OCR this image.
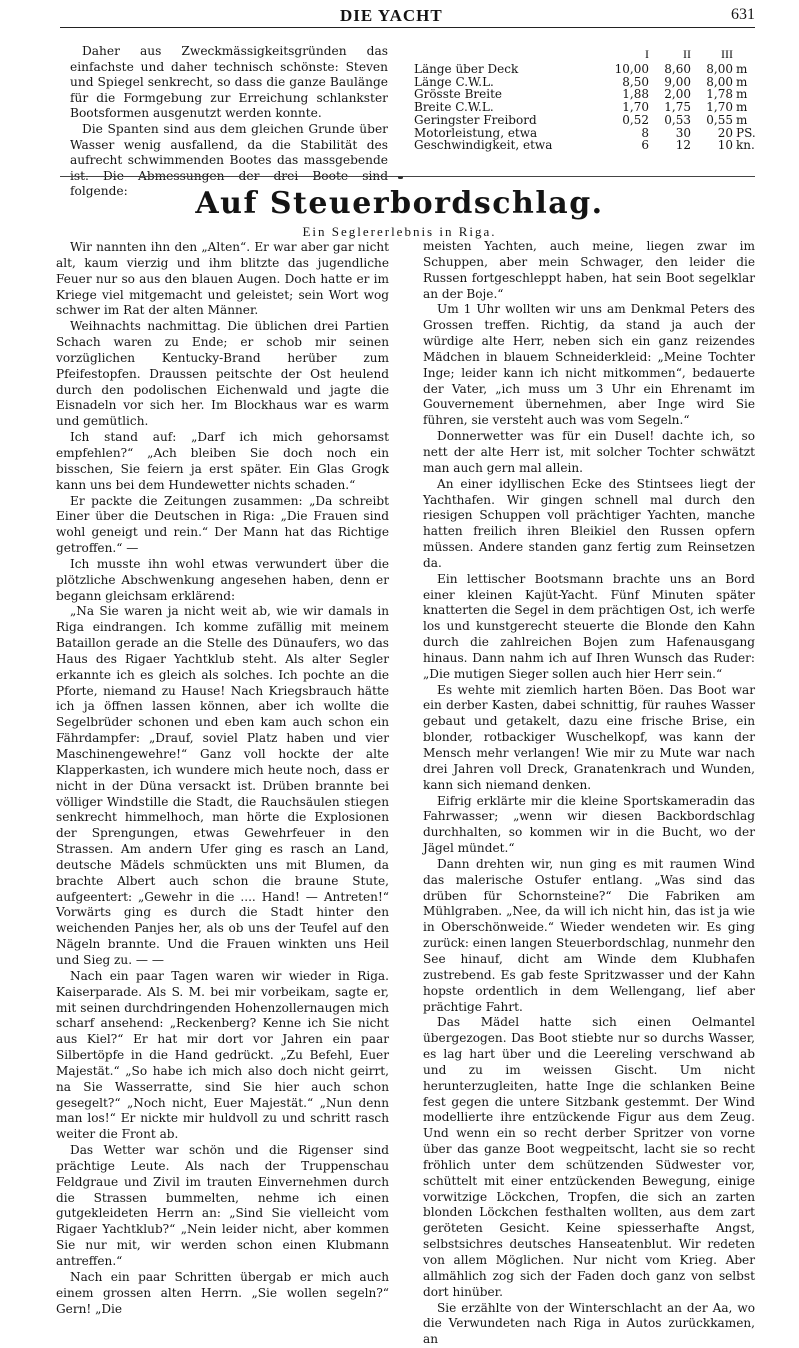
DIE YACHT	631

Daher aus Zweckmässigkeitsgründen das einfachste und daher technisch schönste: Steven und Spiegel senkrecht, so dass die ganze Baulänge für die Formgebung zur Erreichung schlankster Bootsformen ausgenutzt werden konnte.

Die Spanten sind aus dem gleichen Grunde über Wasser wenig ausfallend, da die Stabilität des aufrecht schwimmenden Bootes das massgebende ist. Die Abmessungen der drei Boote sind folgende:

	I	II	III	
Länge über Deck	10,00	8,60	8,00	m
Länge C.W.L.	8,50	9,00	8,00	m
Grösste Breite	1,88	2,00	1,78	m
Breite C.W.L.	1,70	1,75	1,70	m
Geringster Freibord	0,52	0,53	0,55	m
Motorleistung, etwa	8	30	20	PS.
Geschwindigkeit, etwa	6	12	10	kn.
Auf Steuerbordschlag.
Ein Seglererlebnis in Riga.

Wir nannten ihn den „Alten“. Er war aber gar nicht alt, kaum vierzig und ihm blitzte das jugendliche Feuer nur so aus den blauen Augen. Doch hatte er im Kriege viel mitgemacht und geleistet; sein Wort wog schwer im Rat der alten Männer.

Weihnachts nachmittag. Die üblichen drei Partien Schach waren zu Ende; er schob mir seinen vorzüglichen Kentucky-Brand herüber zum Pfeifestopfen. Draussen peitschte der Ost heulend durch den podolischen Eichenwald und jagte die Eisnadeln vor sich her. Im Blockhaus war es warm und gemütlich.

Ich stand auf: „Darf ich mich gehorsamst empfehlen?“ „Ach bleiben Sie doch noch ein bisschen, Sie feiern ja erst später. Ein Glas Grogk kann uns bei dem Hundewetter nichts schaden.“

Er packte die Zeitungen zusammen: „Da schreibt Einer über die Deutschen in Riga: „Die Frauen sind wohl geneigt und rein.“ Der Mann hat das Richtige getroffen.“ —

Ich musste ihn wohl etwas verwundert über die plötzliche Abschwenkung angesehen haben, denn er begann gleichsam erklärend:

„Na Sie waren ja nicht weit ab, wie wir damals in Riga eindrangen. Ich komme zufällig mit meinem Bataillon gerade an die Stelle des Dünaufers, wo das Haus des Rigaer Yachtklub steht. Als alter Segler erkannte ich es gleich als solches. Ich pochte an die Pforte, niemand zu Hause! Nach Kriegsbrauch hätte ich ja öffnen lassen können, aber ich wollte die Segelbrüder schonen und eben kam auch schon ein Fährdampfer: „Drauf, soviel Platz haben und vier Maschinengewehre!“ Ganz voll hockte der alte Klapperkasten, ich wundere mich heute noch, dass er nicht in der Düna versackt ist. Drüben brannte bei völliger Windstille die Stadt, die Rauchsäulen stiegen senkrecht himmelhoch, man hörte die Explosionen der Sprengungen, etwas Gewehrfeuer in den Strassen. Am andern Ufer ging es rasch an Land, deutsche Mädels schmückten uns mit Blumen, da brachte Albert auch schon die braune Stute, aufgeentert: „Gewehr in die .... Hand! — Antreten!“ Vorwärts ging es durch die Stadt hinter den weichenden Panjes her, als ob uns der Teufel auf den Nägeln brannte. Und die Frauen winkten uns Heil und Sieg zu. — —

Nach ein paar Tagen waren wir wieder in Riga. Kaiserparade. Als S. M. bei mir vorbeikam, sagte er, mit seinen durchdringenden Hohenzollernaugen mich scharf ansehend: „Reckenberg? Kenne ich Sie nicht aus Kiel?“ Er hat mir dort vor Jahren ein paar Silbertöpfe in die Hand gedrückt. „Zu Befehl, Euer Majestät.“ „So habe ich mich also doch nicht geirrt, na Sie Wasserratte, sind Sie hier auch schon gesegelt?“ „Noch nicht, Euer Majestät.“ „Nun denn man los!“ Er nickte mir huldvoll zu und schritt rasch weiter die Front ab.

Das Wetter war schön und die Rigenser sind prächtige Leute. Als nach der Truppenschau Feldgraue und Zivil im trauten Einvernehmen durch die Strassen bummelten, nehme ich einen gutgekleideten Herrn an: „Sind Sie vielleicht vom Rigaer Yachtklub?“ „Nein leider nicht, aber kommen Sie nur mit, wir werden schon einen Klubmann antreffen.“

Nach ein paar Schritten übergab er mich auch einem grossen alten Herrn. „Sie wollen segeln?“ Gern! „Die

meisten Yachten, auch meine, liegen zwar im Schuppen, aber mein Schwager, den leider die Russen fortgeschleppt haben, hat sein Boot segelklar an der Boje.“

Um 1 Uhr wollten wir uns am Denkmal Peters des Grossen treffen. Richtig, da stand ja auch der würdige alte Herr, neben sich ein ganz reizendes Mädchen in blauem Schneiderkleid: „Meine Tochter Inge; leider kann ich nicht mitkommen“, bedauerte der Vater, „ich muss um 3 Uhr ein Ehrenamt im Gouvernement übernehmen, aber Inge wird Sie führen, sie versteht auch was vom Segeln.“

Donnerwetter was für ein Dusel! dachte ich, so nett der alte Herr ist, mit solcher Tochter schwätzt man auch gern mal allein.

An einer idyllischen Ecke des Stintsees liegt der Yachthafen. Wir gingen schnell mal durch den riesigen Schuppen voll prächtiger Yachten, manche hatten freilich ihren Bleikiel den Russen opfern müssen. Andere standen ganz fertig zum Reinsetzen da.

Ein lettischer Bootsmann brachte uns an Bord einer kleinen Kajüt-Yacht. Fünf Minuten später knatterten die Segel in dem prächtigen Ost, ich werfe los und kunstgerecht steuerte die Blonde den Kahn durch die zahlreichen Bojen zum Hafenausgang hinaus. Dann nahm ich auf Ihren Wunsch das Ruder: „Die mutigen Sieger sollen auch hier Herr sein.“

Es wehte mit ziemlich harten Böen. Das Boot war ein derber Kasten, dabei schnittig, für rauhes Wasser gebaut und getakelt, dazu eine frische Brise, ein blonder, rotbackiger Wuschelkopf, was kann der Mensch mehr verlangen! Wie mir zu Mute war nach drei Jahren voll Dreck, Granatenkrach und Wunden, kann sich niemand denken.

Eifrig erklärte mir die kleine Sportskameradin das Fahrwasser; „wenn wir diesen Backbordschlag durchhalten, so kommen wir in die Bucht, wo der Jägel mündet.“

Dann drehten wir, nun ging es mit raumen Wind das malerische Ostufer entlang. „Was sind das drüben für Schornsteine?“ Die Fabriken am Mühlgraben. „Nee, da will ich nicht hin, das ist ja wie in Oberschönweide.“ Wieder wendeten wir. Es ging zurück: einen langen Steuerbordschlag, nunmehr den See hinauf, dicht am Winde dem Klubhafen zustrebend. Es gab feste Spritzwasser und der Kahn hopste ordentlich in dem Wellengang, lief aber prächtige Fahrt.

Das Mädel hatte sich einen Oelmantel übergezogen. Das Boot stiebte nur so durchs Wasser, es lag hart über und die Leereling verschwand ab und zu im weissen Gischt. Um nicht herunterzugleiten, hatte Inge die schlanken Beine fest gegen die untere Sitzbank gestemmt. Der Wind modellierte ihre entzückende Figur aus dem Zeug. Und wenn ein so recht derber Spritzer von vorne über das ganze Boot wegpeitscht, lacht sie so recht fröhlich unter dem schützenden Südwester vor, schüttelt mit einer entzückenden Bewegung, einige vorwitzige Löckchen, Tropfen, die sich an zarten blonden Löckchen festhalten wollten, aus dem zart geröteten Gesicht. Keine spiesserhafte Angst, selbstsichres deutsches Hanseatenblut. Wir redeten von allem Möglichen. Nur nicht vom Krieg. Aber allmählich zog sich der Faden doch ganz von selbst dort hinüber.

Sie erzählte von der Winterschlacht an der Aa, wo die Verwundeten nach Riga in Autos zurückkamen, an
